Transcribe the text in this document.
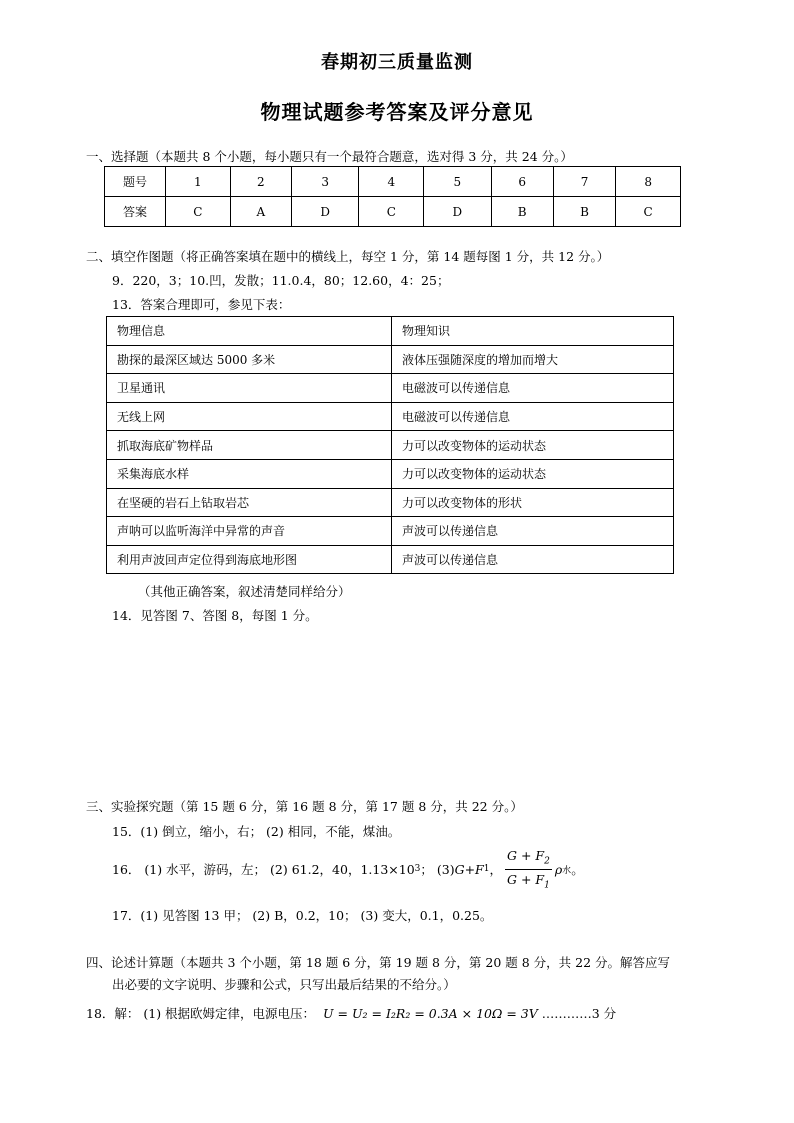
春期初三质量监测
物理试题参考答案及评分意见
一、选择题（本题共 8 个小题，每小题只有一个最符合题意，选对得 3 分，共 24 分。）
题号	1	2	3	4	5	6	7	8
答案	C	A	D	C	D	B	B	C
二、填空作图题（将正确答案填在题中的横线上，每空 1 分，第 14 题每图 1 分，共 12 分。）
9．220，3；10.凹，发散；11.0.4，80；12.60，4：25；
13．答案合理即可，参见下表：
物理信息	物理知识
勘探的最深区域达 5000 多米	液体压强随深度的增加而增大
卫星通讯	电磁波可以传递信息
无线上网	电磁波可以传递信息
抓取海底矿物样品	力可以改变物体的运动状态
采集海底水样	力可以改变物体的运动状态
在坚硬的岩石上钻取岩芯	力可以改变物体的形状
声呐可以监听海洋中异常的声音	声波可以传递信息
利用声波回声定位得到海底地形图	声波可以传递信息
（其他正确答案，叙述清楚同样给分）
14．见答图 7、答图 8，每图 1 分。
三、实验探究题（第 15 题 6 分，第 16 题 8 分，第 17 题 8 分，共 22 分。）
15．(1) 倒立，缩小，右； (2) 相同，不能，煤油。
16． (1) 水平，游码，左； (2) 61.2，40，1.13×10 3 ； (3) G+F 1 ， $\frac{G + F_2}{G + F_1}$ ρ 水 。
17．(1) 见答图 13 甲； (2) B，0.2，10； (3) 变大，0.1，0.25。
四、论述计算题（本题共 3 个小题，第 18 题 6 分，第 19 题 8 分，第 20 题 8 分，共 22 分。解答应写
出必要的文字说明、步骤和公式，只写出最后结果的不给分。）
18．解： (1) 根据欧姆定律，电源电压： U = U₂ = I₂R₂ = 0.3A × 10Ω = 3V …………3 分
